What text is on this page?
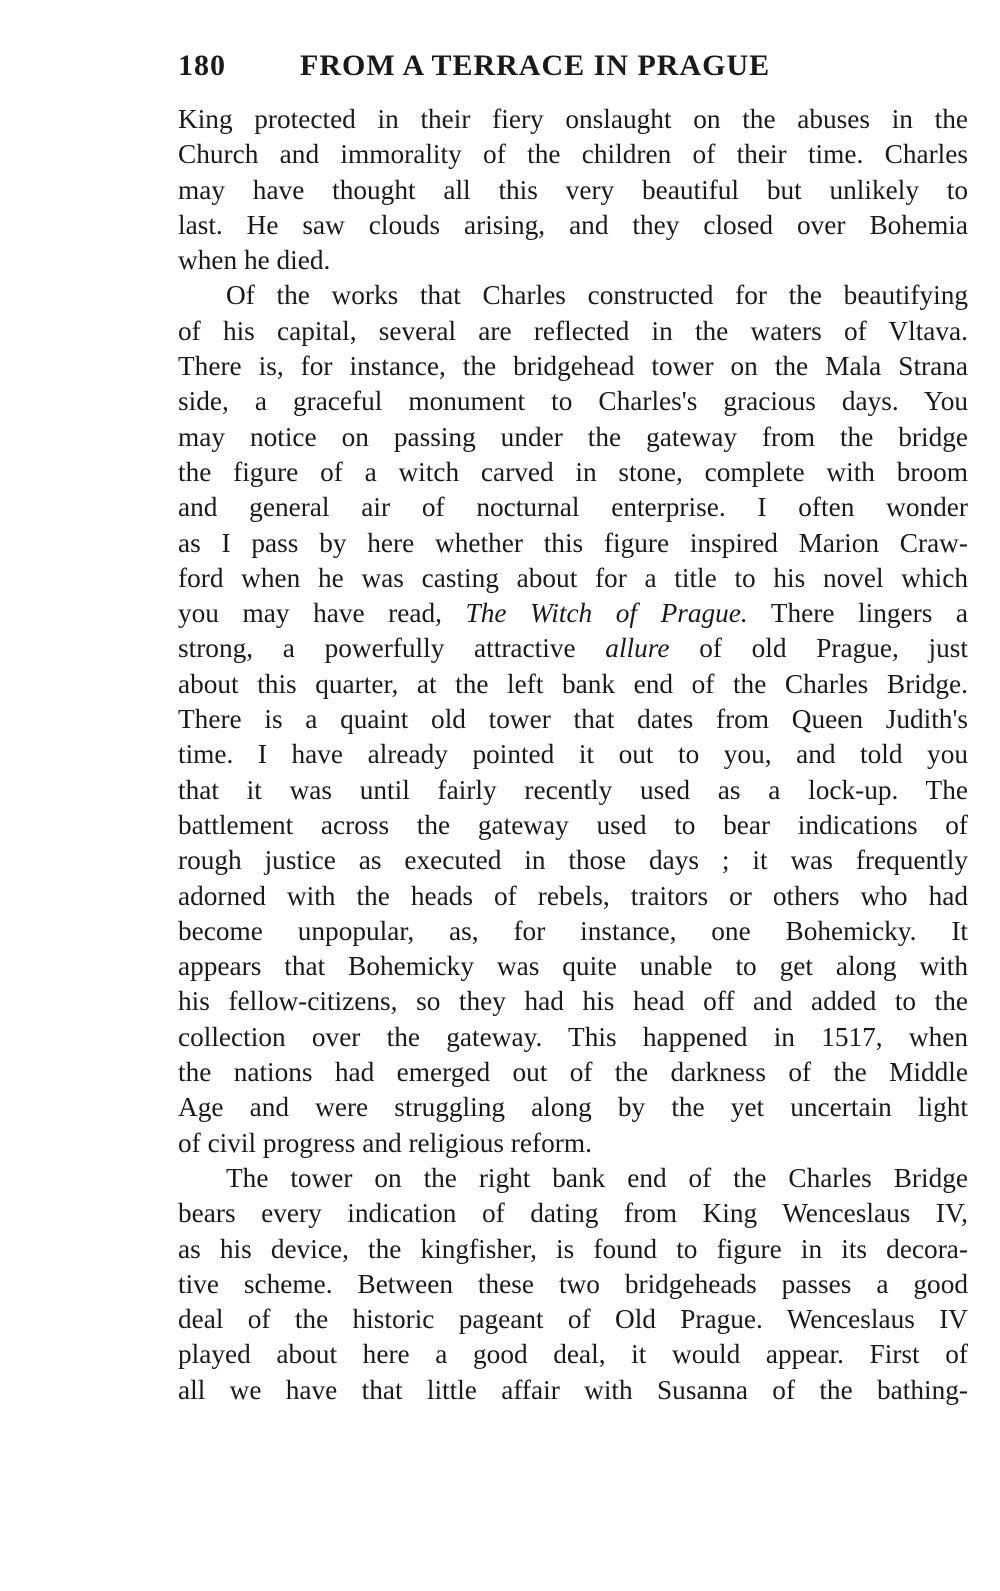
180 FROM A TERRACE IN PRAGUE

King protected in their fiery onslaught on the abuses in the
Church and immorality of the children of their time. Charles
may have thought all this very beautiful but unlikely to
last. He saw clouds arising, and they closed over Bohemia
when he died.

Of the works that Charles constructed for the beautifying
of his capital, several are reflected in the waters of Vltava.
There is, for instance, the bridgehead tower on the Mala Strana
side, a graceful monument to Charles's gracious days. You
may notice on passing under the gateway from the bridge
the figure of a witch carved in stone, complete with broom
and general air of nocturnal enterprise. I often wonder
as I pass by here whether this figure inspired Marion Craw-
ford when he was casting about for a title to his novel which
you may have read, The Witch of Prague. There lingers a
strong, a powerfully attractive allure of old Prague, just
about this quarter, at the left bank end of the Charles Bridge.
There is a quaint old tower that dates from Queen Judith's
time. I have already pointed it out to you, and told you
that it was until fairly recently used as a lock-up. The
battlement across the gateway used to bear indications of
rough justice as executed in those days ; it was frequently
adorned with the heads of rebels, traitors or others who had
become unpopular, as, for instance, one Bohemicky. It
appears that Bohemicky was quite unable to get along with
his fellow-citizens, so they had his head off and added to the
collection over the gateway. This happened in 1517, when
the nations had emerged out of the darkness of the Middle
Age and were struggling along by the yet uncertain light
of civil progress and religious reform.

The tower on the right bank end of the Charles Bridge
bears every indication of dating from King Wenceslaus IV,
as his device, the kingfisher, is found to figure in its decora-
tive scheme. Between these two bridgeheads passes a good
deal of the historic pageant of Old Prague. Wenceslaus IV
played about here a good deal, it would appear. First of
all we have that little affair with Susanna of the bathing-
